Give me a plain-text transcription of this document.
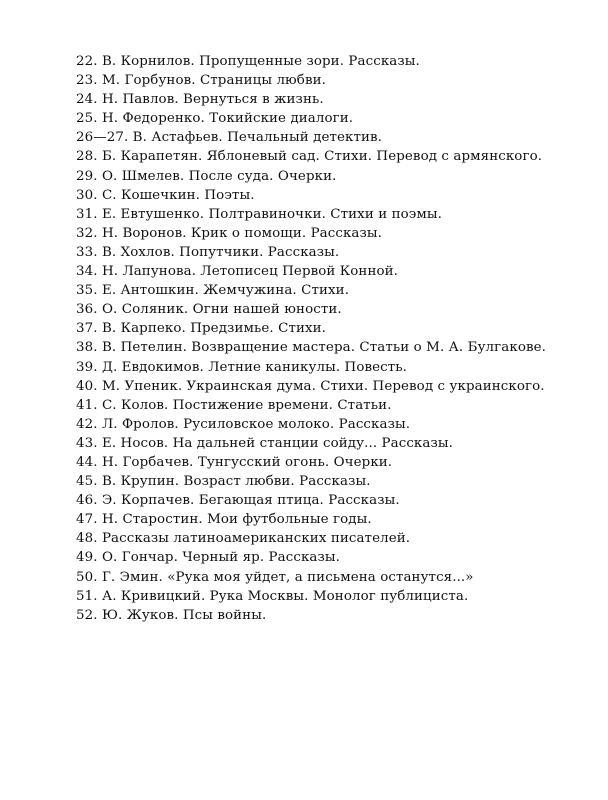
22. В. Корнилов. Пропущенные зори. Рассказы.
23. М. Горбунов. Страницы любви.
24. Н. Павлов. Вернуться в жизнь.
25. Н. Федоренко. Токийские диалоги.
26—27. В. Астафьев. Печальный детектив.
28. Б. Карапетян. Яблоневый сад. Стихи. Перевод с армянского.
29. О. Шмелев. После суда. Очерки.
30. С. Кошечкин. Поэты.
31. Е. Евтушенко. Полтравиночки. Стихи и поэмы.
32. Н. Воронов. Крик о помощи. Рассказы.
33. В. Хохлов. Попутчики. Рассказы.
34. Н. Лапунова. Летописец Первой Конной.
35. Е. Антошкин. Жемчужина. Стихи.
36. О. Соляник. Огни нашей юности.
37. В. Карпеко. Предзимье. Стихи.
38. В. Петелин. Возвращение мастера. Статьи о М. А. Булгакове.
39. Д. Евдокимов. Летние каникулы. Повесть.
40. М. Упеник. Украинская дума. Стихи. Перевод с украинского.
41. С. Колов. Постижение времени. Статьи.
42. Л. Фролов. Русиловское молоко. Рассказы.
43. Е. Носов. На дальней станции сойду... Рассказы.
44. Н. Горбачев. Тунгусский огонь. Очерки.
45. В. Крупин. Возраст любви. Рассказы.
46. Э. Корпачев. Бегающая птица. Рассказы.
47. Н. Старостин. Мои футбольные годы.
48. Рассказы латиноамериканских писателей.
49. О. Гончар. Черный яр. Рассказы.
50. Г. Эмин. «Рука моя уйдет, а письмена останутся...»
51. А. Кривицкий. Рука Москвы. Монолог публициста.
52. Ю. Жуков. Псы войны.
